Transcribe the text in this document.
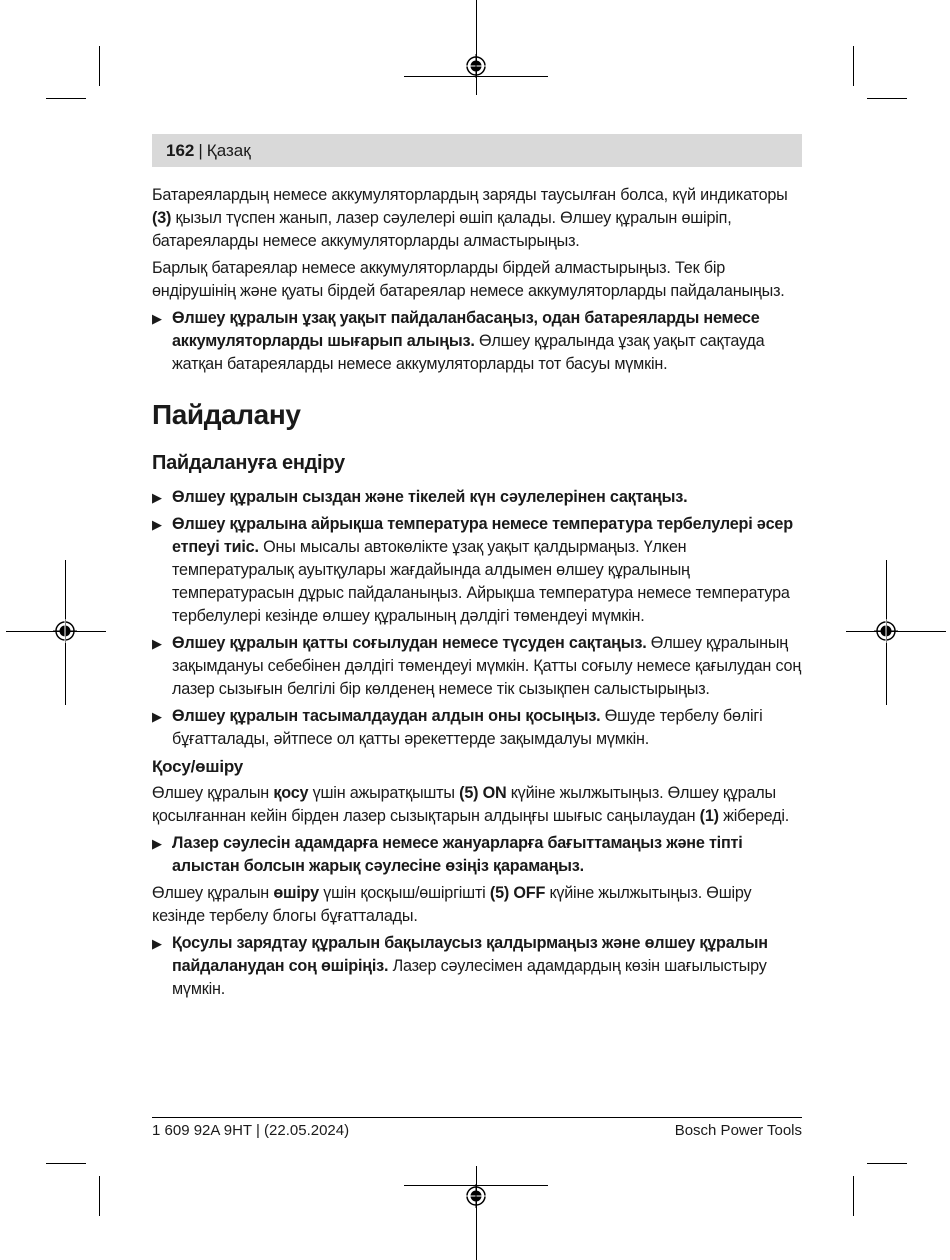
162 | Қазақ

Батареялардың немесе аккумуляторлардың заряды таусылған болса, күй индикаторы (3) қызыл түспен жанып, лазер сәулелері өшіп қалады. Өлшеу құралын өшіріп, батареяларды немесе аккумуляторларды алмастырыңыз.

Барлық батареялар немесе аккумуляторларды бірдей алмастырыңыз. Тек бір өндірушінің және қуаты бірдей батареялар немесе аккумуляторларды пайдаланыңыз.

▶ Өлшеу құралын ұзақ уақыт пайдаланбасаңыз, одан батареяларды немесе аккумуляторларды шығарып алыңыз. Өлшеу құралында ұзақ уақыт сақтауда жатқан батареяларды немесе аккумуляторларды тот басуы мүмкін.
Пайдалану
Пайдалануға ендіру
▶ Өлшеу құралын сыздан және тікелей күн сәулелерінен сақтаңыз.
▶ Өлшеу құралына айрықша температура немесе температура тербелулері әсер етпеуі тиіс. Оны мысалы автокөлікте ұзақ уақыт қалдырмаңыз. Үлкен температуралық ауытқулары жағдайында алдымен өлшеу құралының температурасын дұрыс пайдаланыңыз. Айрықша температура немесе температура тербелулері кезінде өлшеу құралының дәлдігі төмендеуі мүмкін.
▶ Өлшеу құралын қатты соғылудан немесе түсуден сақтаңыз. Өлшеу құралының зақымдануы себебінен дәлдігі төмендеуі мүмкін. Қатты соғылу немесе қағылудан соң лазер сызығын белгілі бір көлденең немесе тік сызықпен салыстырыңыз.
▶ Өлшеу құралын тасымалдаудан алдын оны қосыңыз. Өшуде тербелу бөлігі бұғатталады, әйтпесе ол қатты әрекеттерде зақымдалуы мүмкін.
Қосу/өшіру

Өлшеу құралын қосу үшін ажыратқышты (5) ON күйіне жылжытыңыз. Өлшеу құралы қосылғаннан кейін бірден лазер сызықтарын алдыңғы шығыс саңылаудан (1) жібереді.

▶ Лазер сәулесін адамдарға немесе жануарларға бағыттамаңыз және тіпті алыстан болсын жарық сәулесіне өзіңіз қарамаңыз.

Өлшеу құралын өшіру үшін қосқыш/өшіргішті (5) OFF күйіне жылжытыңыз. Өшіру кезінде тербелу блогы бұғатталады.

▶ Қосулы зарядтау құралын бақылаусыз қалдырмаңыз және өлшеу құралын пайдаланудан соң өшіріңіз. Лазер сәулесімен адамдардың көзін шағылыстыру мүмкін.
1 609 92A 9HT | (22.05.2024)	Bosch Power Tools
